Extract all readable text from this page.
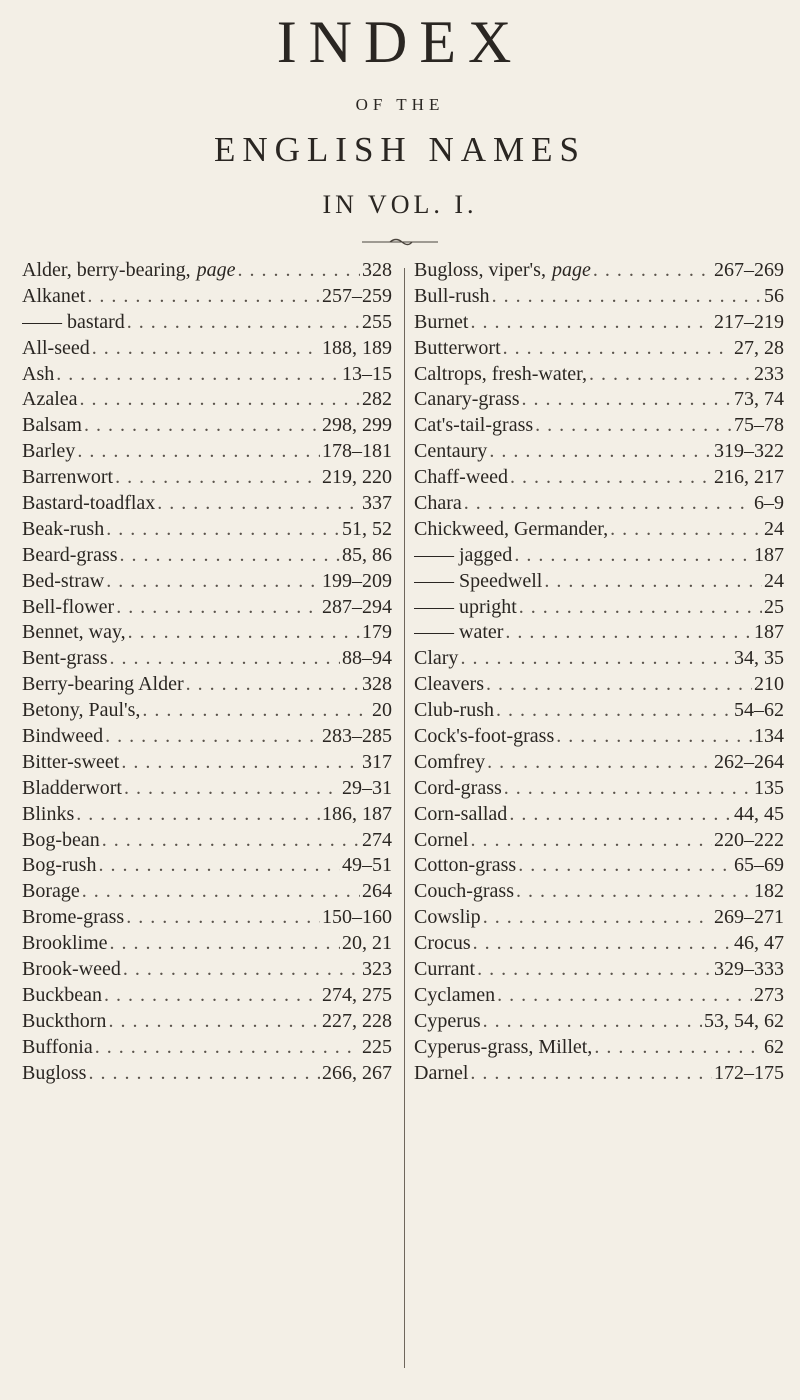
INDEX
OF THE
ENGLISH NAMES
IN VOL. I.
Alder, berry-bearing, page . . .	328
Alkanet . . .	257–259
—— bastard . . .	255
All-seed . . .	188, 189
Ash . . .	13–15
Azalea . . .	282
Balsam . . .	298, 299
Barley . . .	178–181
Barrenwort . . .	219, 220
Bastard-toadflax . . .	337
Beak-rush . . .	51, 52
Beard-grass . . .	85, 86
Bed-straw . . .	199–209
Bell-flower . . .	287–294
Bennet, way, . . .	179
Bent-grass . . .	88–94
Berry-bearing Alder . . .	328
Betony, Paul's, . . .	20
Bindweed . . .	283–285
Bitter-sweet . . .	317
Bladderwort . . .	29–31
Blinks . . .	186, 187
Bog-bean . . .	274
Bog-rush . . .	49–51
Borage . . .	264
Brome-grass . . .	150–160
Brooklime . . .	20, 21
Brook-weed . . .	323
Buckbean . . .	274, 275
Buckthorn . . .	227, 228
Buffonia . . .	225
Bugloss . . .	266, 267
Bugloss, viper's, page . . .	267–269
Bull-rush . . .	56
Burnet . . .	217–219
Butterwort . . .	27, 28
Caltrops, fresh-water, . . .	233
Canary-grass . . .	73, 74
Cat's-tail-grass . . .	75–78
Centaury . . .	319–322
Chaff-weed . . .	216, 217
Chara . . .	6–9
Chickweed, Germander, . . .	24
—— jagged . . .	187
—— Speedwell . . .	24
—— upright . . .	25
—— water . . .	187
Clary . . .	34, 35
Cleavers . . .	210
Club-rush . . .	54–62
Cock's-foot-grass . . .	134
Comfrey . . .	262–264
Cord-grass . . .	135
Corn-sallad . . .	44, 45
Cornel . . .	220–222
Cotton-grass . . .	65–69
Couch-grass . . .	182
Cowslip . . .	269–271
Crocus . . .	46, 47
Currant . . .	329–333
Cyclamen . . .	273
Cyperus . . .	53, 54, 62
Cyperus-grass, Millet, . . .	62
Darnel . . .	172–175
